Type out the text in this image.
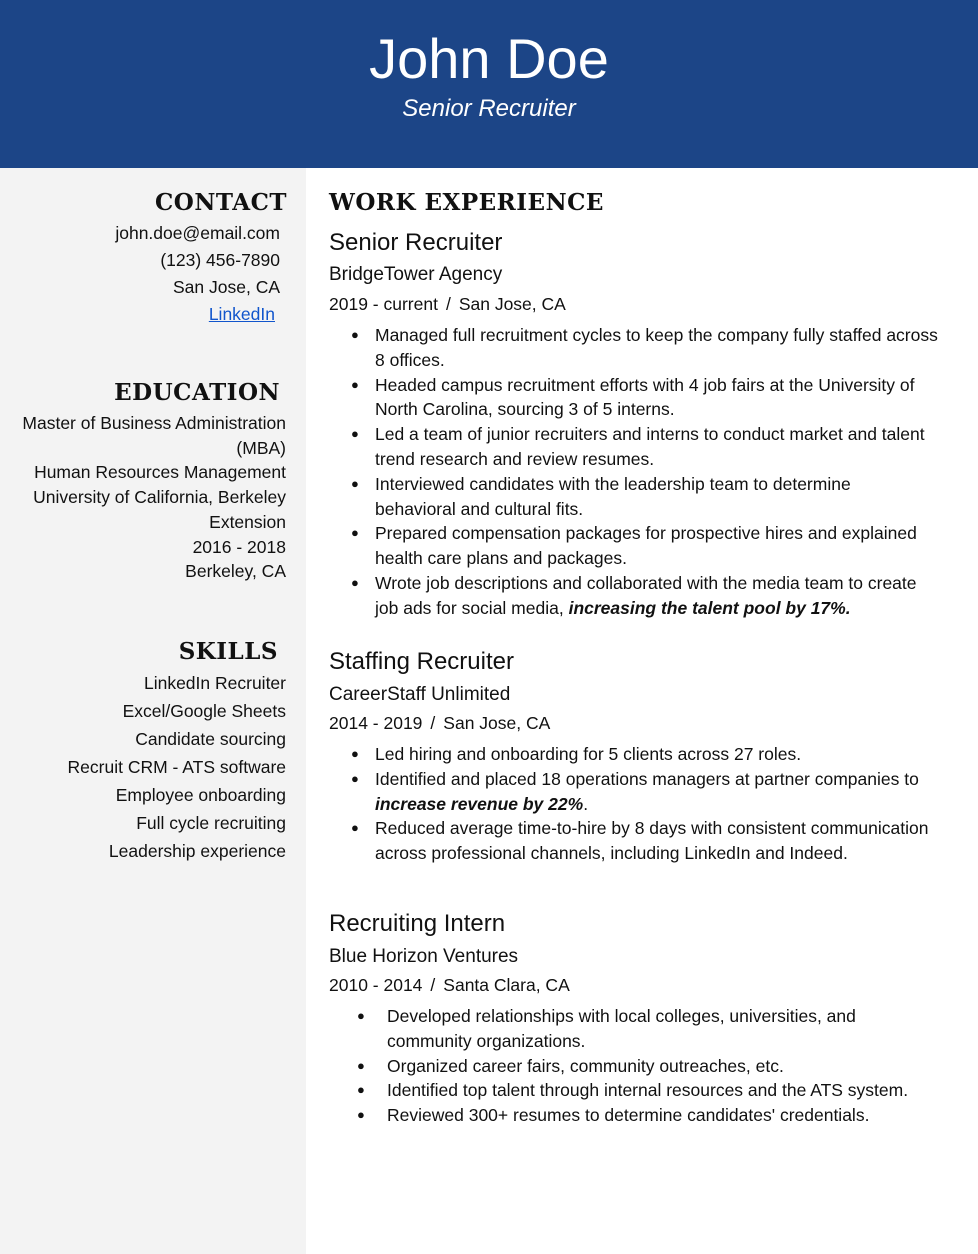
John Doe
Senior Recruiter
CONTACT
john.doe@email.com
(123) 456-7890
San Jose, CA
LinkedIn
EDUCATION
Master of Business Administration
(MBA)
Human Resources Management
University of California, Berkeley
Extension
2016 - 2018
Berkeley, CA
SKILLS
LinkedIn Recruiter
Excel/Google Sheets
Candidate sourcing
Recruit CRM - ATS software
Employee onboarding
Full cycle recruiting
Leadership experience
WORK EXPERIENCE
Senior Recruiter
BridgeTower Agency
2019 - current / San Jose, CA
● Managed full recruitment cycles to keep the company fully staffed across
8 offices.
● Headed campus recruitment efforts with 4 job fairs at the University of
North Carolina, sourcing 3 of 5 interns.
● Led a team of junior recruiters and interns to conduct market and talent
trend research and review resumes.
● Interviewed candidates with the leadership team to determine
behavioral and cultural fits.
● Prepared compensation packages for prospective hires and explained
health care plans and packages.
● Wrote job descriptions and collaborated with the media team to create
job ads for social media, increasing the talent pool by 17%.
Staffing Recruiter
CareerStaff Unlimited
2014 - 2019 / San Jose, CA
● Led hiring and onboarding for 5 clients across 27 roles.
● Identified and placed 18 operations managers at partner companies to
increase revenue by 22%.
● Reduced average time-to-hire by 8 days with consistent communication
across professional channels, including LinkedIn and Indeed.
Recruiting Intern
Blue Horizon Ventures
2010 - 2014 / Santa Clara, CA
● Developed relationships with local colleges, universities, and
community organizations.
● Organized career fairs, community outreaches, etc.
● Identified top talent through internal resources and the ATS system.
● Reviewed 300+ resumes to determine candidates' credentials.
